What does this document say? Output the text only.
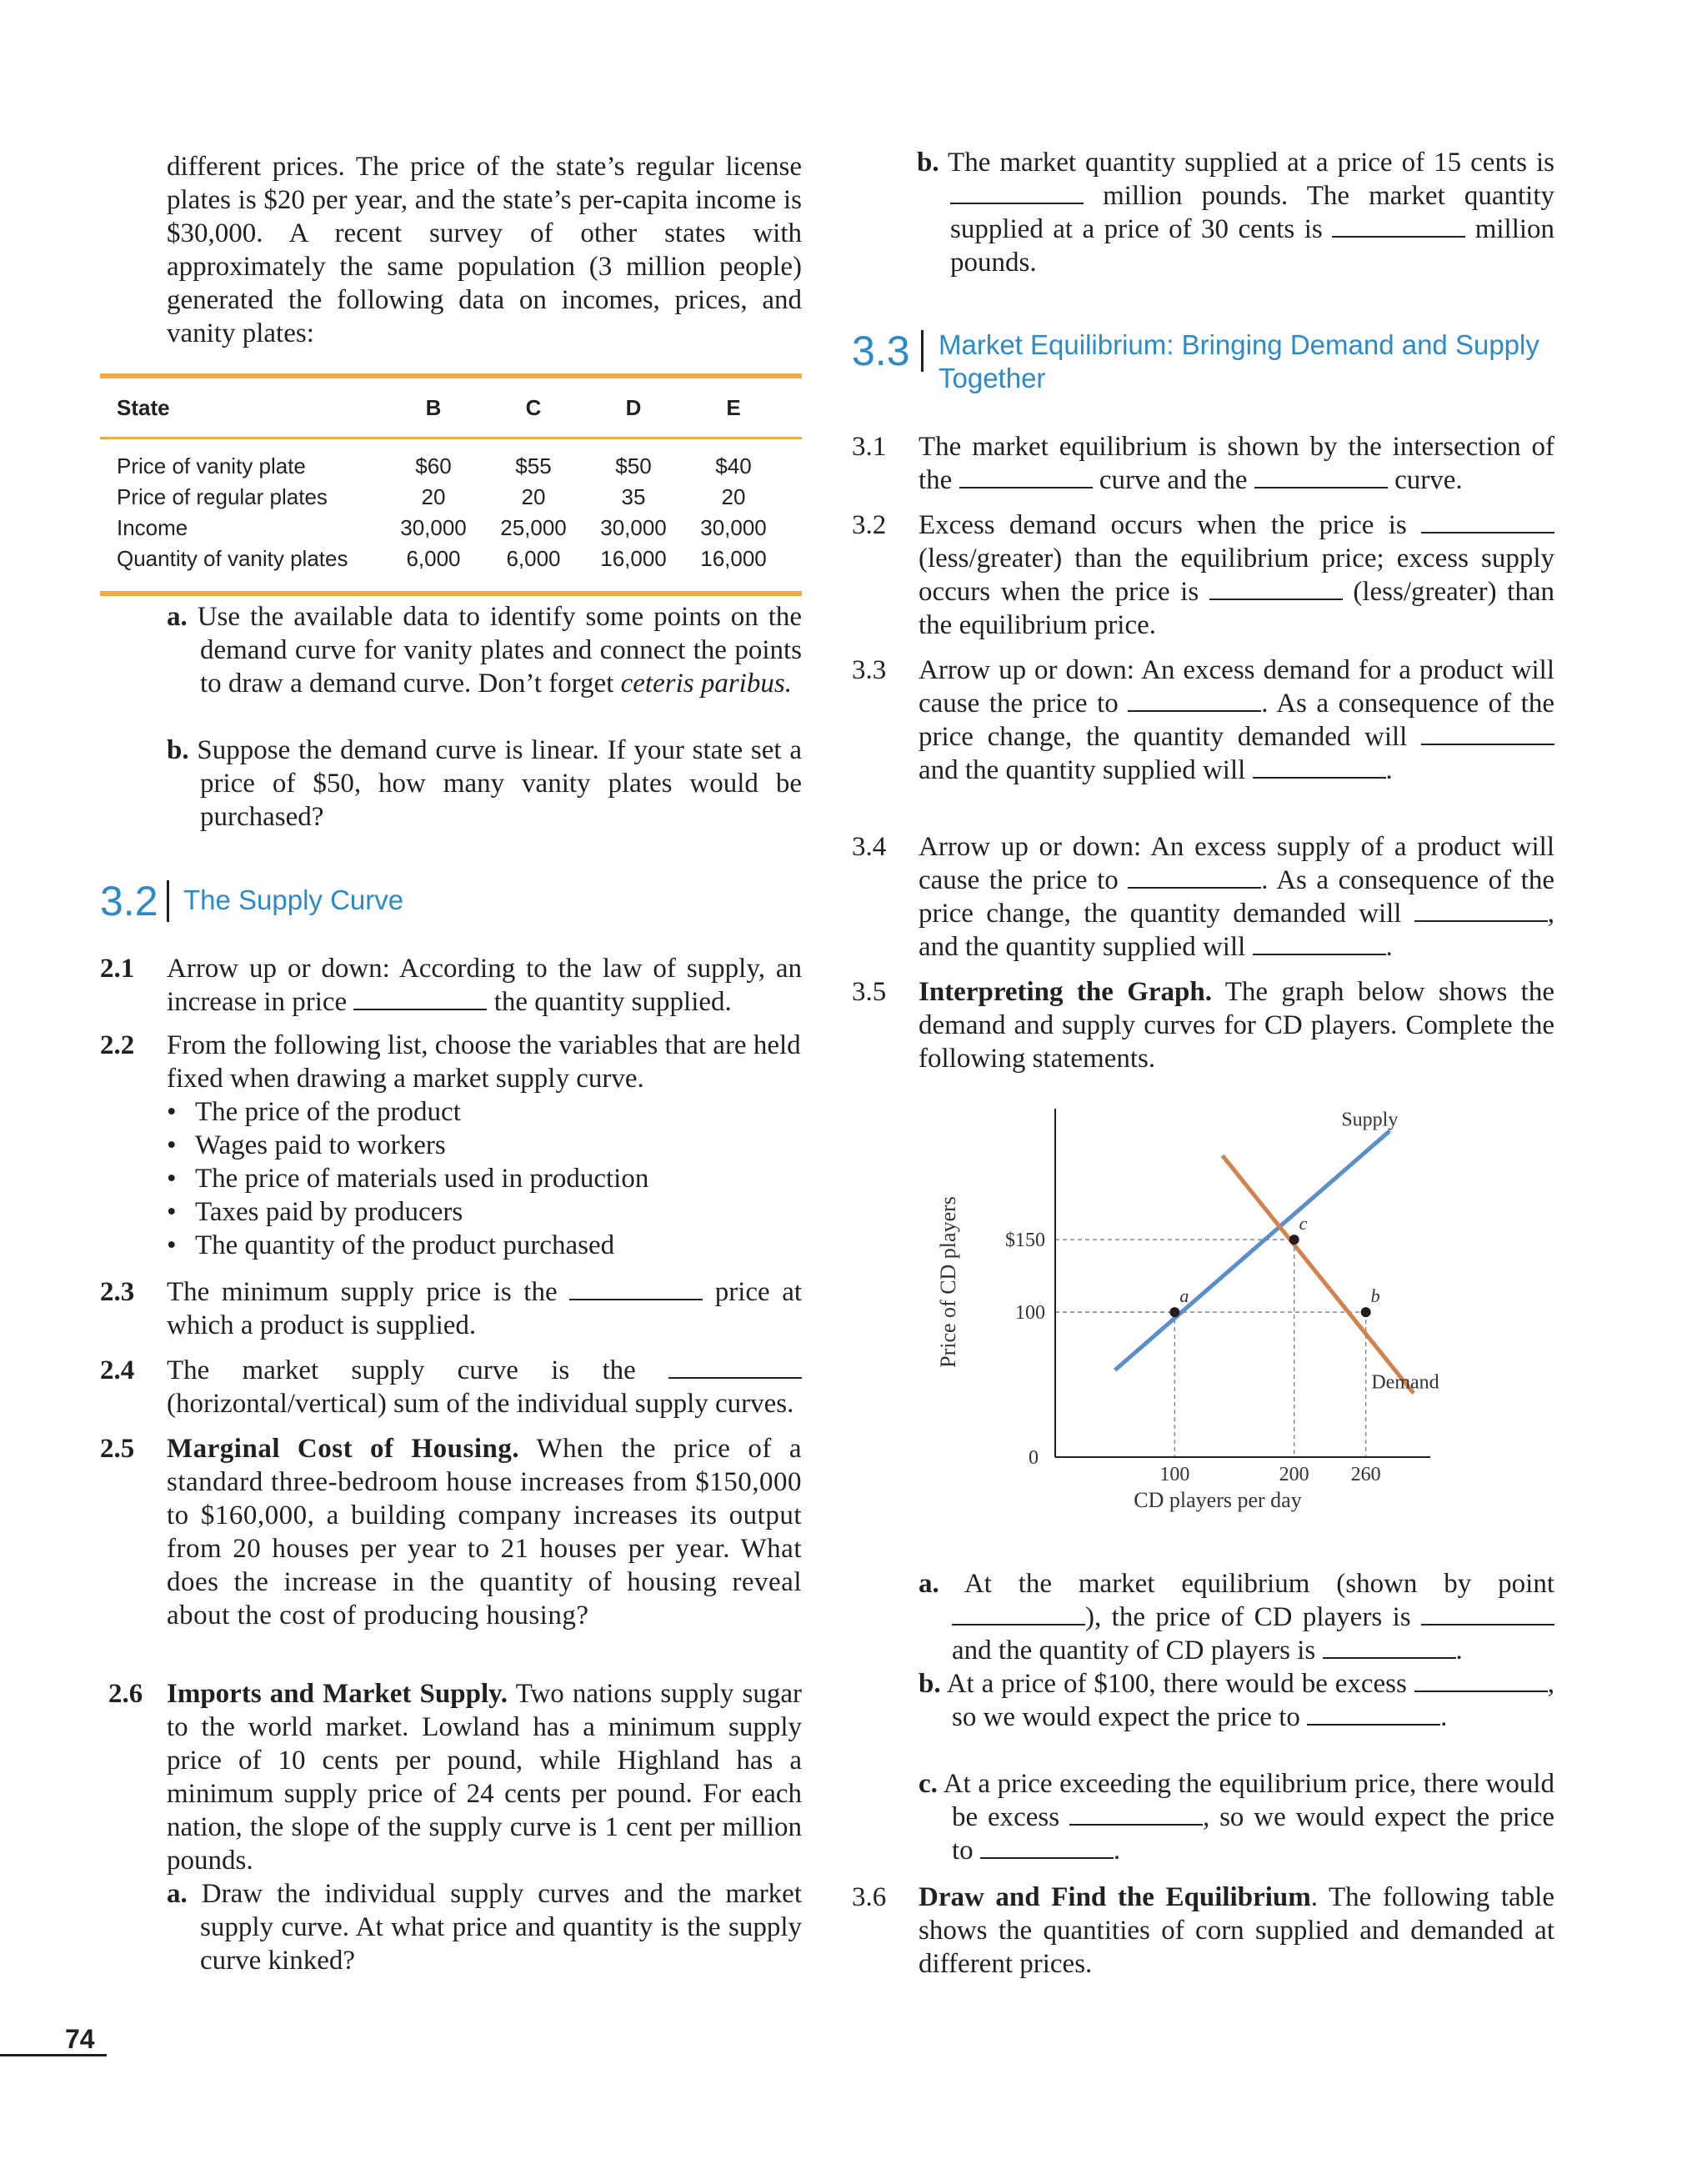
different prices. The price of the state’s regular license plates is $20 per year, and the state’s per-capita income is $30,000. A recent survey of other states with approximately the same population (3 million people) generated the following data on incomes, prices, and vanity plates:

State	B	C	D	E
Price of vanity plate	$60	$55	$50	$40
Price of regular plates	20	20	35	20
Income	30,000	25,000	30,000	30,000
Quantity of vanity plates	6,000	6,000	16,000	16,000

a. Use the available data to identify some points on the demand curve for vanity plates and connect the points to draw a demand curve. Don’t forget ceteris paribus.

b. Suppose the demand curve is linear. If your state set a price of $50, how many vanity plates would be purchased?

3.2 The Supply Curve
2.1 Arrow up or down: According to the law of supply, an increase in price	the quantity supplied.

2.2 From the following list, choose the variables that are held fixed when drawing a market supply curve.

• The price of the product

• Wages paid to workers

• The price of materials used in production

• Taxes paid by producers

• The quantity of the product purchased

2.3 The minimum supply price is the	price at which a product is supplied.

2.4 The market supply curve is the  (horizontal/vertical) sum of the individual supply curves.

2.5 Marginal Cost of Housing. When the price of a standard three-bedroom house increases from $150,000 to $160,000, a building company increases its output from 20 houses per year to 21 houses per year. What does the increase in the quantity of housing reveal about the cost of producing housing?

2.6 Imports and Market Supply. Two nations supply sugar to the world market. Lowland has a minimum supply price of 10 cents per pound, while Highland has a minimum supply price of 24 cents per pound. For each nation, the slope of the supply curve is 1 cent per million pounds.

a. Draw the individual supply curves and the market supply curve. At what price and quantity is the supply curve kinked?

74

b. The market quantity supplied at a price of 15 cents is  million pounds. The market quantity supplied at a price of 30 cents is	million pounds.

3.3 Market Equilibrium: Bringing Demand and Supply Together
3.1 The market equilibrium is shown by the intersection of the	curve and the	curve.

3.2 Excess demand occurs when the price is  (less/greater) than the equilibrium price; excess supply occurs when the price is	(less/greater) than the equilibrium price.

3.3 Arrow up or down: An excess demand for a product will cause the price to	. As a consequence of the price change, the quantity demanded will  and the quantity supplied will	.

3.4 Arrow up or down: An excess supply of a product will cause the price to	. As a consequence of the price change, the quantity demanded will	, and the quantity supplied will	.

3.5 Interpreting the Graph. The graph below shows the demand and supply curves for CD players. Complete the following statements.

0
100	200 260
100
$150
a	b
c
Supply
Demand
CD players per day
Price of CD players

a. At the market equilibrium (shown by point ), the price of CD players is  and the quantity of CD players is	.

b. At a price of $100, there would be excess	, so we would expect the price to	.

c. At a price exceeding the equilibrium price, there would be excess	, so we would expect the price to	.

3.6 Draw and Find the Equilibrium. The following table shows the quantities of corn supplied and demanded at different prices.
